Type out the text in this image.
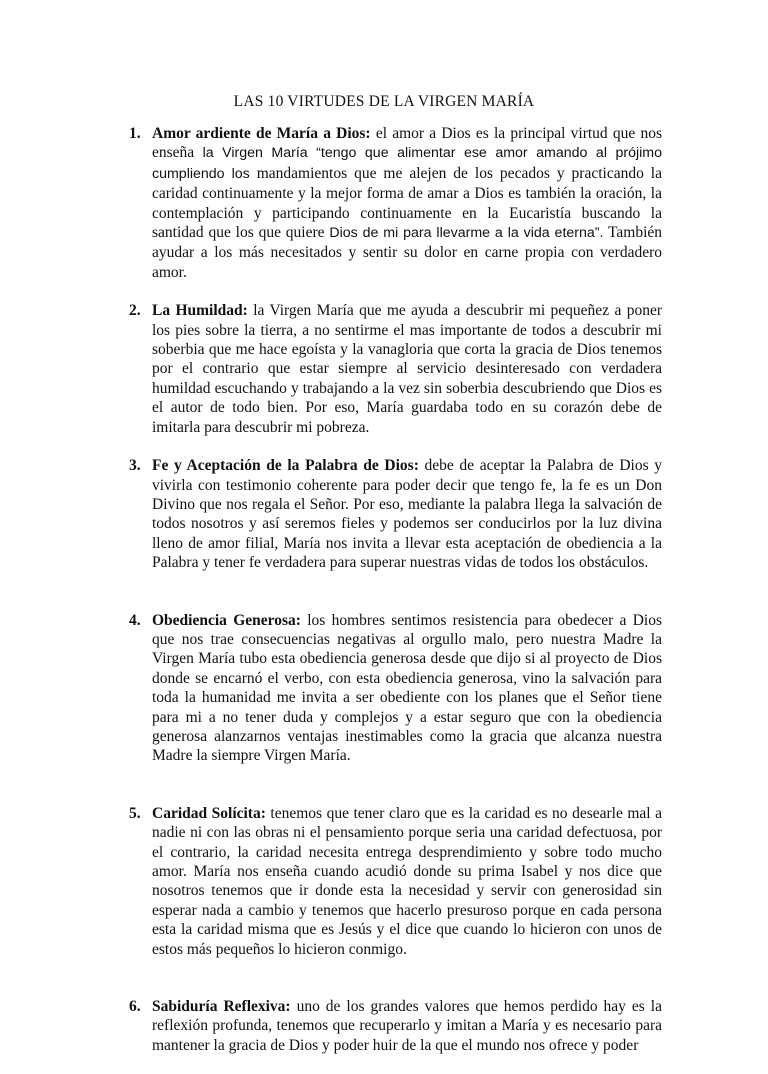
LAS 10 VIRTUDES DE LA VIRGEN MARÍA
1. Amor ardiente de María a Dios: el amor a Dios es la principal virtud que nos enseña la Virgen María “tengo que alimentar ese amor amando al prójimo cumpliendo los mandamientos que me alejen de los pecados y practicando la caridad continuamente y la mejor forma de amar a Dios es también la oración, la contemplación y participando continuamente en la Eucaristía buscando la santidad que los que quiere Dios de mi para llevarme a la vida eterna”. También ayudar a los más necesitados y sentir su dolor en carne propia con verdadero amor.
2. La Humildad: la Virgen María que me ayuda a descubrir mi pequeñez a poner los pies sobre la tierra, a no sentirme el mas importante de todos a descubrir mi soberbia que me hace egoísta y la vanagloria que corta la gracia de Dios tenemos por el contrario que estar siempre al servicio desinteresado con verdadera humildad escuchando y trabajando a la vez sin soberbia descubriendo que Dios es el autor de todo bien. Por eso, María guardaba todo en su corazón debe de imitarla para descubrir mi pobreza.
3. Fe y Aceptación de la Palabra de Dios: debe de aceptar la Palabra de Dios y vivirla con testimonio coherente para poder decir que tengo fe, la fe es un Don Divino que nos regala el Señor. Por eso, mediante la palabra llega la salvación de todos nosotros y así seremos fieles y podemos ser conducirlos por la luz divina lleno de amor filial, María nos invita a llevar esta aceptación de obediencia a la Palabra y tener fe verdadera para superar nuestras vidas de todos los obstáculos.
4. Obediencia Generosa: los hombres sentimos resistencia para obedecer a Dios que nos trae consecuencias negativas al orgullo malo, pero nuestra Madre la Virgen María tubo esta obediencia generosa desde que dijo si al proyecto de Dios donde se encarnó el verbo, con esta obediencia generosa, vino la salvación para toda la humanidad me invita a ser obediente con los planes que el Señor tiene para mi a no tener duda y complejos y a estar seguro que con la obediencia generosa alanzarnos ventajas inestimables como la gracia que alcanza nuestra Madre la siempre Virgen María.
5. Caridad Solícita: tenemos que tener claro que es la caridad es no desearle mal a nadie ni con las obras ni el pensamiento porque seria una caridad defectuosa, por el contrario, la caridad necesita entrega desprendimiento y sobre todo mucho amor. María nos enseña cuando acudió donde su prima Isabel y nos dice que nosotros tenemos que ir donde esta la necesidad y servir con generosidad sin esperar nada a cambio y tenemos que hacerlo presuroso porque en cada persona esta la caridad misma que es Jesús y el dice que cuando lo hicieron con unos de estos más pequeños lo hicieron conmigo.
6. Sabiduría Reflexiva: uno de los grandes valores que hemos perdido hay es la reflexión profunda, tenemos que recuperarlo y imitan a María y es necesario para mantener la gracia de Dios y poder huir de la que el mundo nos ofrece y poder
